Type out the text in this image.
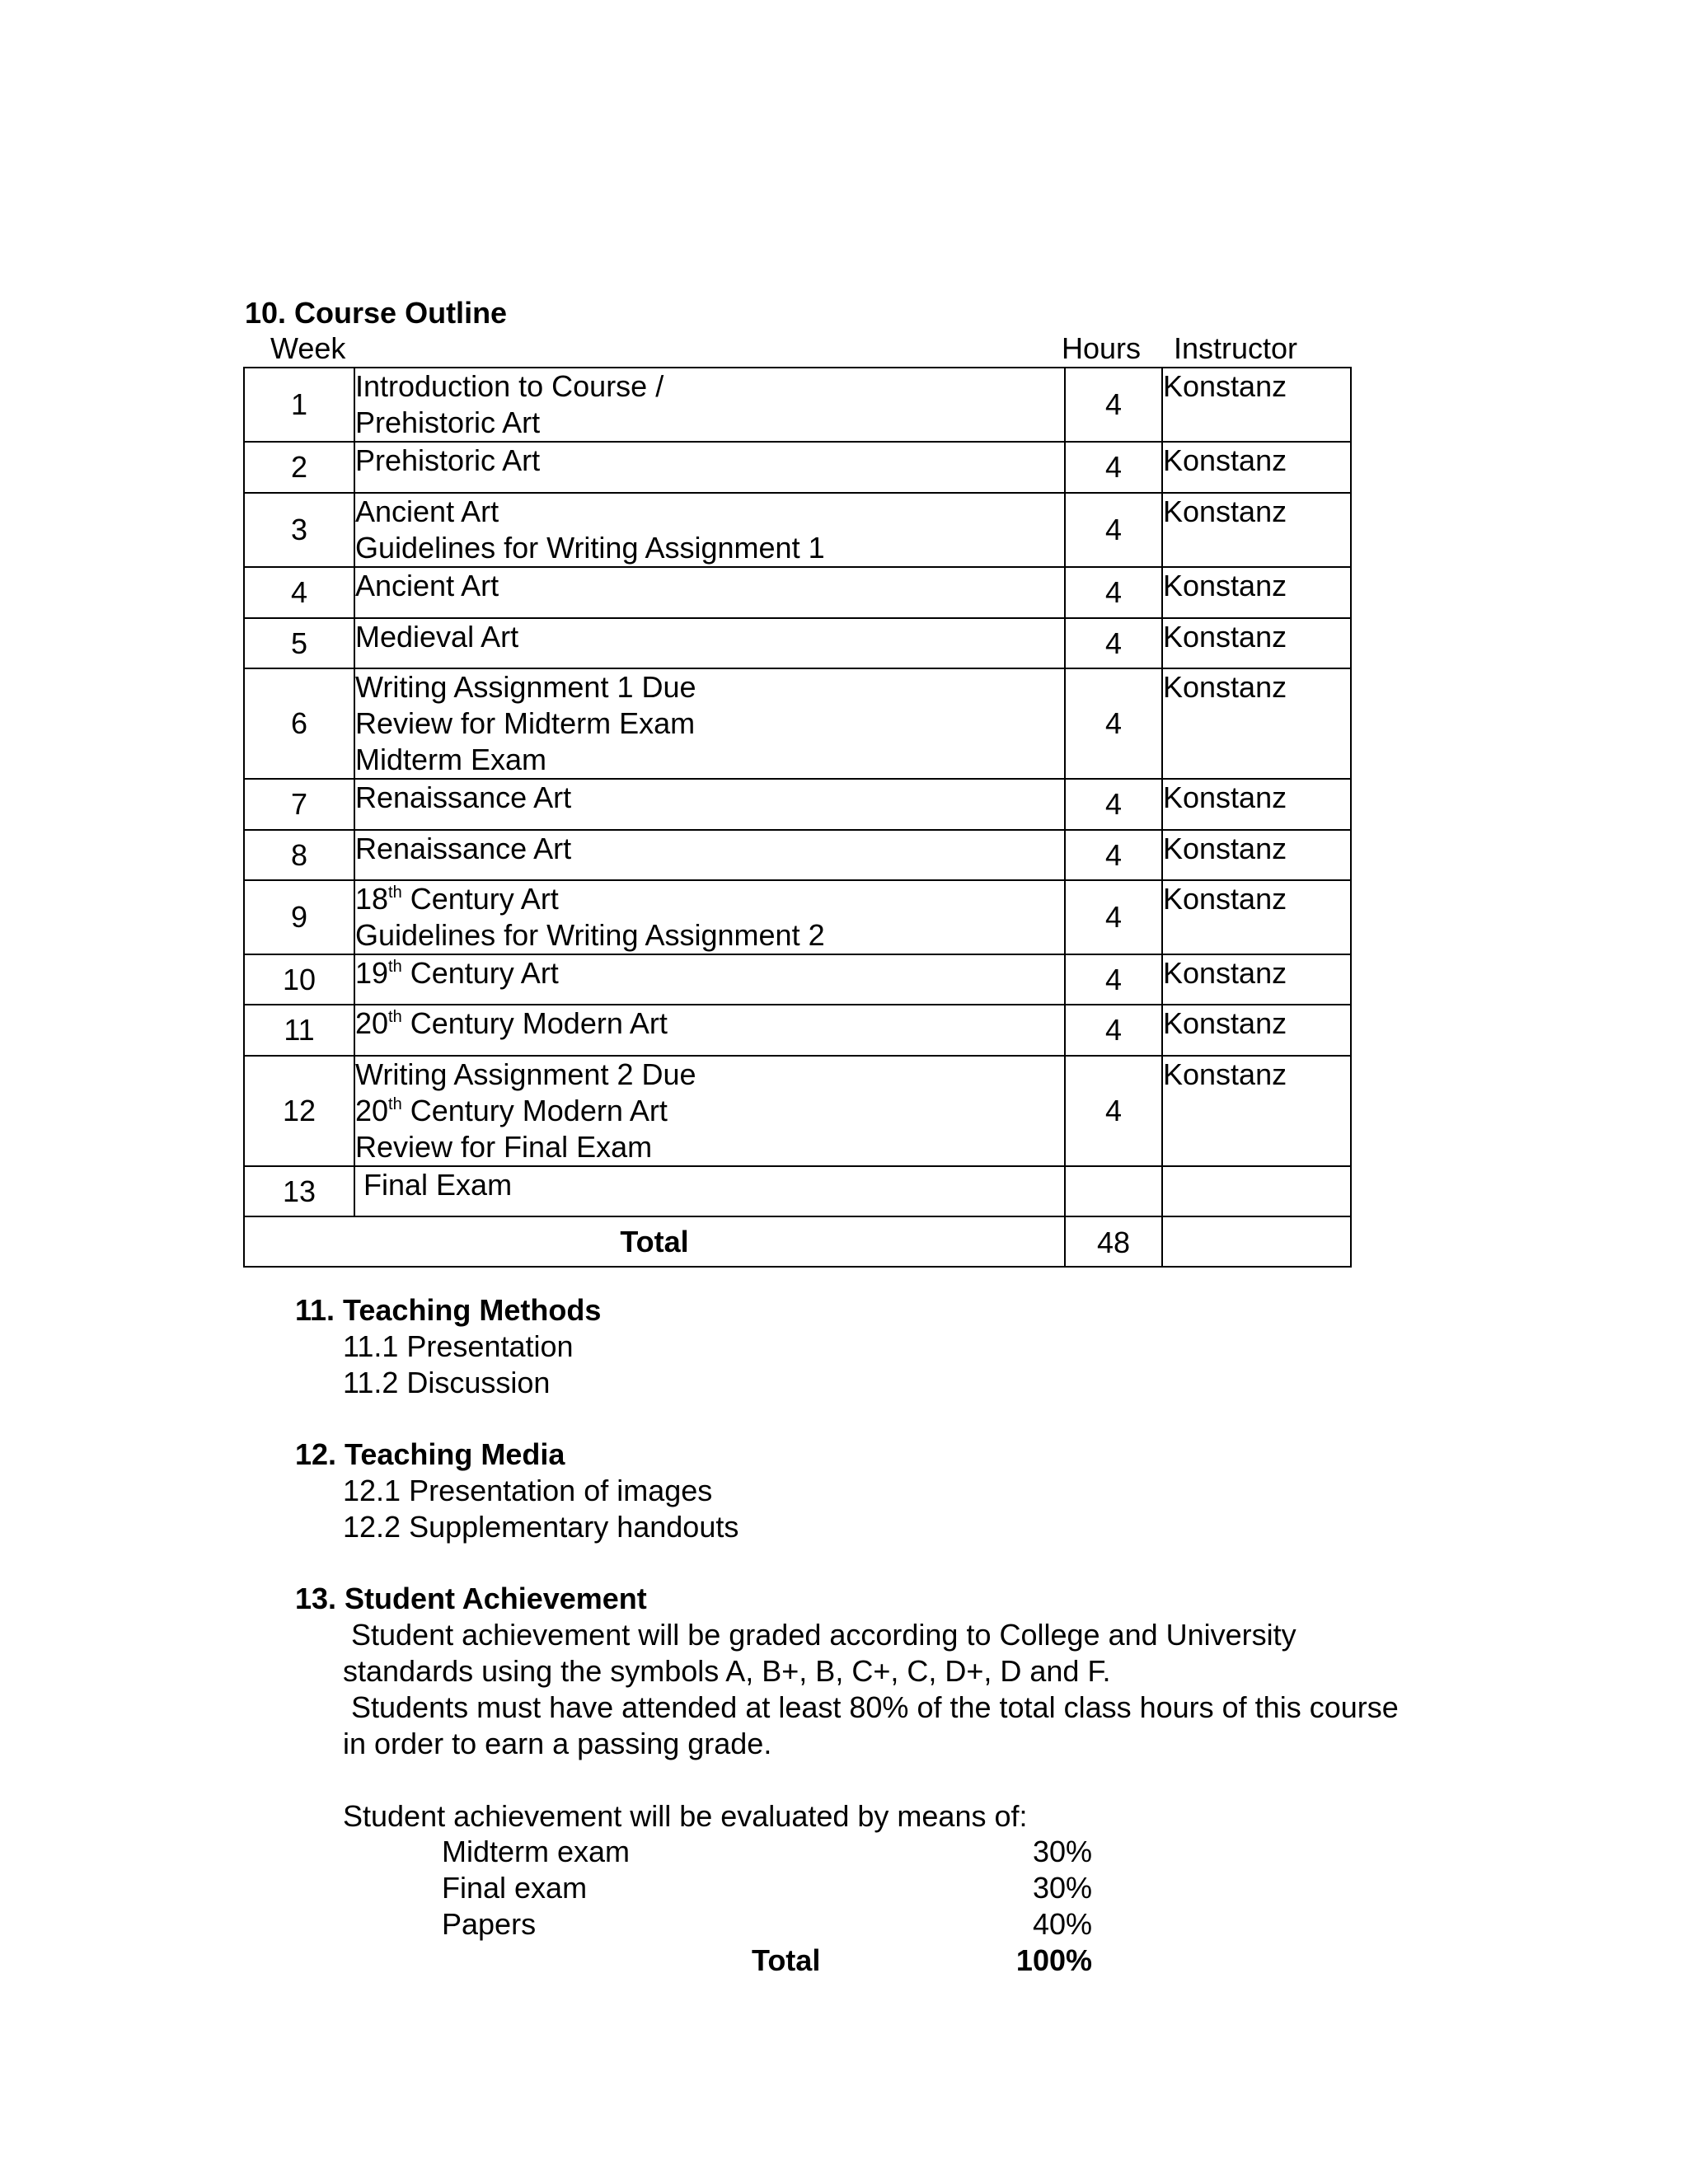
10. Course Outline
Week	Hours Instructor
1	Introduction to Course /
Prehistoric Art	4	Konstanz
2	Prehistoric Art	4	Konstanz
3	Ancient Art
Guidelines for Writing Assignment 1	4	Konstanz
4	Ancient Art	4	Konstanz
5	Medieval Art	4	Konstanz
6	Writing Assignment 1 Due
Review for Midterm Exam
Midterm Exam	4	Konstanz
7	Renaissance Art	4	Konstanz
8	Renaissance Art	4	Konstanz
9	18th Century Art
Guidelines for Writing Assignment 2	4	Konstanz
10	19th Century Art	4	Konstanz
11	20th Century Modern Art	4	Konstanz
12	Writing Assignment 2 Due
20th Century Modern Art
Review for Final Exam	4	Konstanz
13	Final Exam		

Total		48	
11. Teaching Methods
11.1 Presentation
11.2 Discussion
12. Teaching Media
12.1 Presentation of images
12.2 Supplementary handouts
13. Student Achievement
Student achievement will be graded according to College and University
standards using the symbols A, B+, B, C+, C, D+, D and F.
Students must have attended at least 80% of the total class hours of this course
in order to earn a passing grade.
Student achievement will be evaluated by means of:
Midterm exam	30%
Final exam	30%
Papers	40%
Total	100%
